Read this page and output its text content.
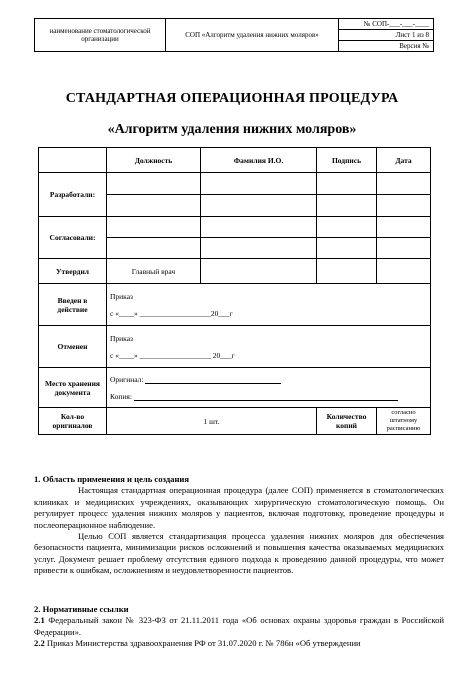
наименование стоматологической организации	СОП «Алгоритм удаления нижних моляров»	№ СОП-___-___-____
Лист 1 из 8
Версия №
СТАНДАРТНАЯ ОПЕРАЦИОННАЯ ПРОЦЕДУРА
«Алгоритм удаления нижних моляров»
	Должность	Фамилия И.О.	Подпись	Дата
Разработали:				

Согласовали:				

Утвердил	Главный врач			
Введен в действие	Приказ
с «____» ___________________20___г			

Отменен	Приказ
с «____» ___________________ 20___г			

Место хранения документа	Оригинал:
Копия:			

Кол-во оригиналов	1 шт.		Количество копий	согласно штатному расписанию
1. Область применения и цель создания

Настоящая стандартная операционная процедура (далее СОП) применяется в стоматологических клиниках и медицинских учреждениях, оказывающих хирургическую стоматологическую помощь. Он регулирует процесс удаления нижних моляров у пациентов, включая подготовку, проведение процедуры и послеоперационное наблюдение.

Целью СОП является стандартизация процесса удаления нижних моляров для обеспечения безопасности пациента, минимизации рисков осложнений и повышения качества оказываемых медицинских услуг. Документ решает проблему отсутствия единого подхода к проведению данной процедуры, что может привести к ошибкам, осложнениям и неудовлетворенности пациентов.

2. Нормативные ссылки

2.1 Федеральный закон № 323-ФЗ от 21.11.2011 года «Об основах охраны здоровья граждан в Российской Федерации».

2.2 Приказ Министерства здравоохранения РФ от 31.07.2020 г. № 786н «Об утверждении
